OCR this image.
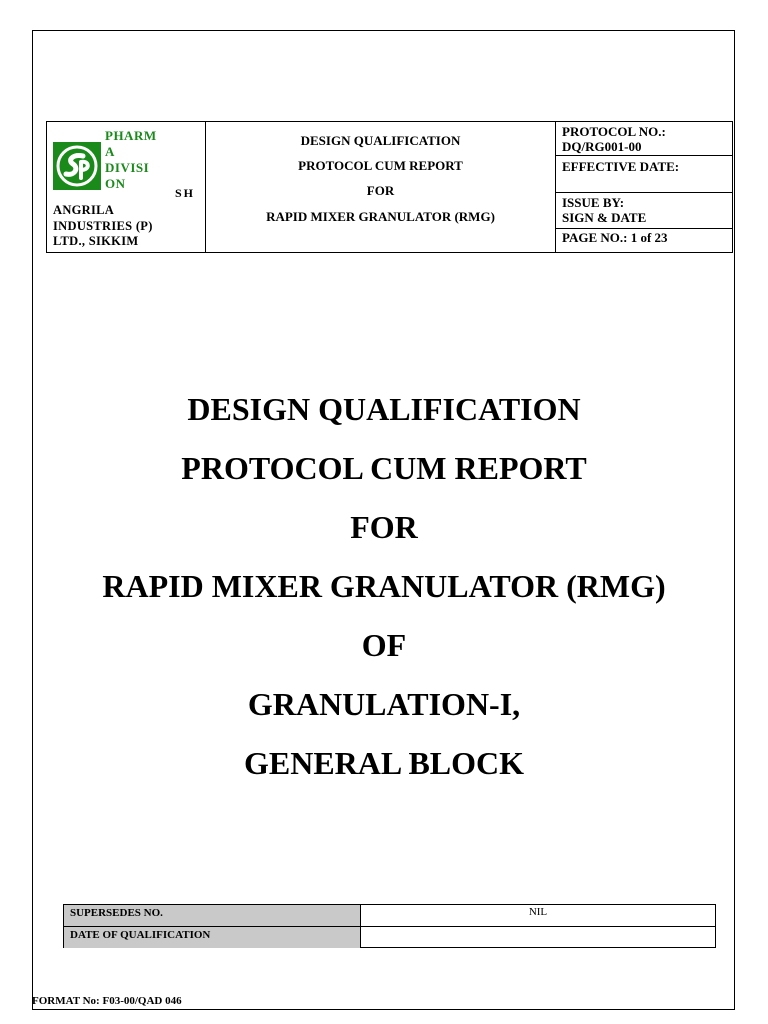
PHARM
A
DIVISI
ON
SH
ANGRILA
INDUSTRIES (P)
LTD., SIKKIM
DESIGN QUALIFICATION
PROTOCOL CUM REPORT
FOR
RAPID MIXER GRANULATOR (RMG)
PROTOCOL NO.:
DQ/RG001-00
EFFECTIVE DATE:
ISSUE BY:
SIGN & DATE
PAGE NO.: 1 of 23
DESIGN QUALIFICATION
PROTOCOL CUM REPORT
FOR
RAPID MIXER GRANULATOR (RMG)
OF
GRANULATION-I,
GENERAL BLOCK
SUPERSEDES NO.	NIL
DATE OF QUALIFICATION
FORMAT No: F03-00/QAD 046
